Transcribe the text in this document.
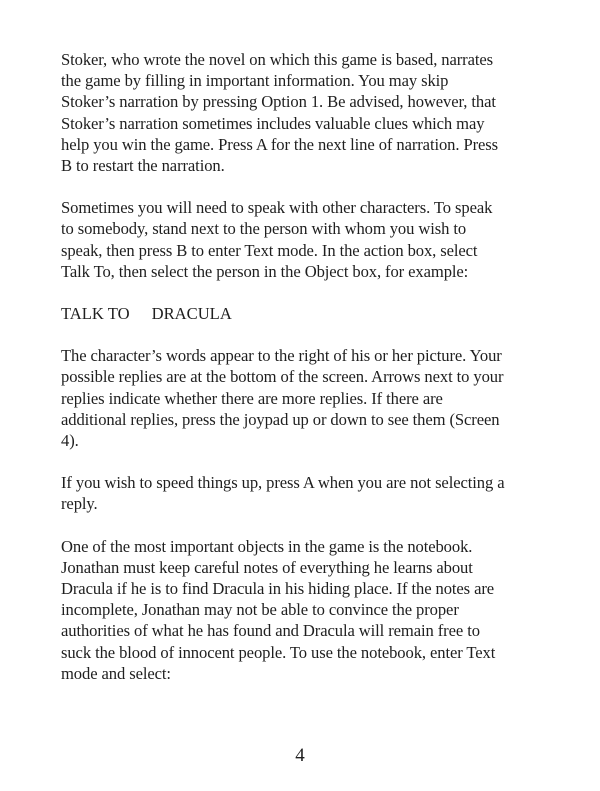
Stoker, who wrote the novel on which this game is based, narrates
the game by filling in important information. You may skip
Stoker’s narration by pressing Option 1. Be advised, however, that
Stoker’s narration sometimes includes valuable clues which may
help you win the game. Press A for the next line of narration. Press
B to restart the narration.
Sometimes you will need to speak with other characters. To speak
to somebody, stand next to the person with whom you wish to
speak, then press B to enter Text mode. In the action box, select
Talk To, then select the person in the Object box, for example:

TALK TO DRACULA

The character’s words appear to the right of his or her picture. Your
possible replies are at the bottom of the screen. Arrows next to your
replies indicate whether there are more replies. If there are
additional replies, press the joypad up or down to see them (Screen
4).
If you wish to speed things up, press A when you are not selecting a
reply.
One of the most important objects in the game is the notebook.
Jonathan must keep careful notes of everything he learns about
Dracula if he is to find Dracula in his hiding place. If the notes are
incomplete, Jonathan may not be able to convince the proper
authorities of what he has found and Dracula will remain free to
suck the blood of innocent people. To use the notebook, enter Text
mode and select:
4
